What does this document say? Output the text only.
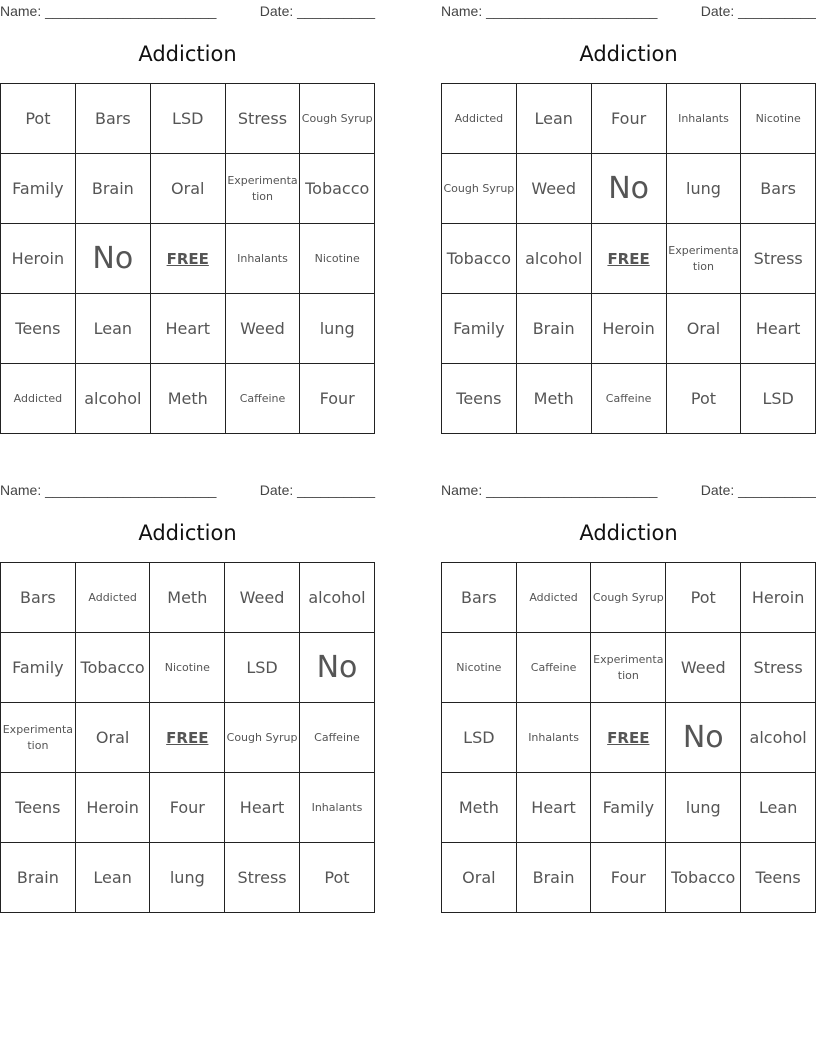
Name: ______________________	Date: __________
Addiction
Pot	Bars	LSD	Stress	Cough Syrup
Family	Brain	Oral	Experimentation	Tobacco
Heroin	No	FREE	Inhalants	Nicotine
Teens	Lean	Heart	Weed	lung
Addicted	alcohol	Meth	Caffeine	Four
Name: ______________________	Date: __________
Addiction
Addicted	Lean	Four	Inhalants	Nicotine
Cough Syrup	Weed	No	lung	Bars
Tobacco	alcohol	FREE	Experimentation	Stress
Family	Brain	Heroin	Oral	Heart
Teens	Meth	Caffeine	Pot	LSD
Name: ______________________	Date: __________
Addiction
Bars	Addicted	Meth	Weed	alcohol
Family	Tobacco	Nicotine	LSD	No
Experimentation	Oral	FREE	Cough Syrup	Caffeine
Teens	Heroin	Four	Heart	Inhalants
Brain	Lean	lung	Stress	Pot
Name: ______________________	Date: __________
Addiction
Bars	Addicted	Cough Syrup	Pot	Heroin
Nicotine	Caffeine	Experimentation	Weed	Stress
LSD	Inhalants	FREE	No	alcohol
Meth	Heart	Family	lung	Lean
Oral	Brain	Four	Tobacco	Teens
